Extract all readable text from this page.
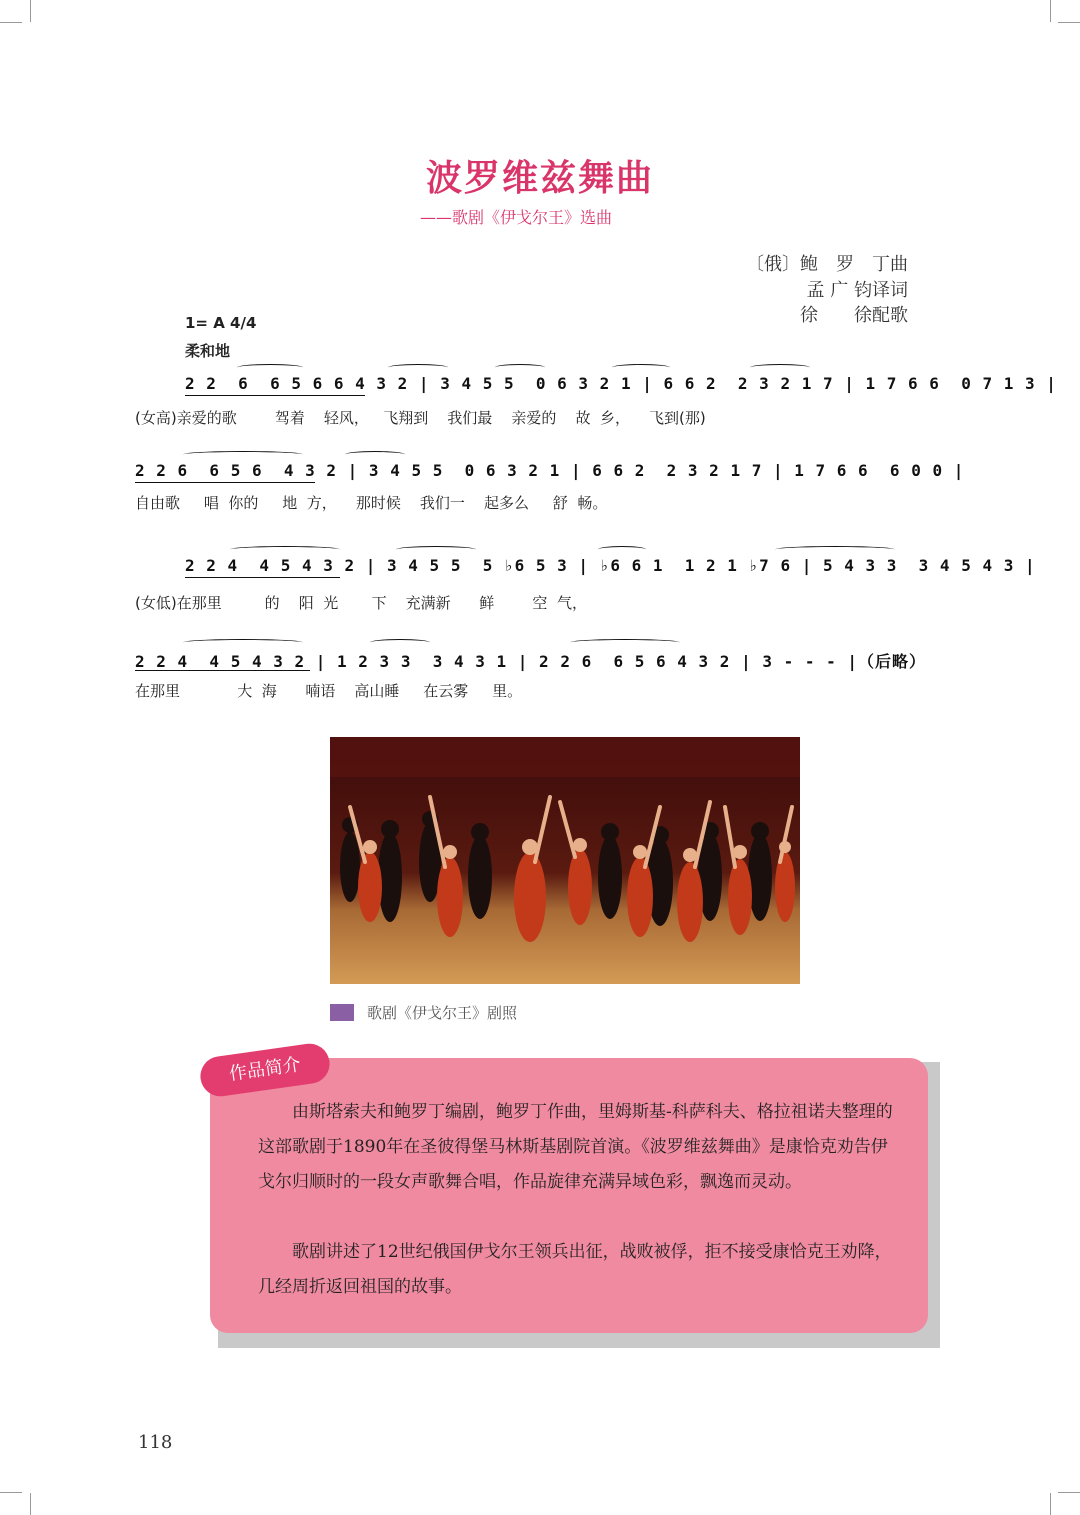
波罗维兹舞曲
——歌剧《伊戈尔王》选曲
〔俄〕鲍　罗　丁曲
孟 广 钧译词
徐　　徐配歌
1= A 4/4
柔和地
2 2  6  6 5 6 6 4 3 2 | 3 4 5 5  0 6 3 2 1 | 6 6 2  2 3 2 1 7 | 1 7 6 6  0 7 1 3 |
(女高)亲爱的歌        驾着    轻风，   飞翔到    我们最    亲爱的    故  乡，    飞到(那)
2 2 6  6 5 6  4 3 2 | 3 4 5 5  0 6 3 2 1 | 6 6 2  2 3 2 1 7 | 1 7 6 6  6 0 0 |
自由歌     唱  你的     地  方，    那时候    我们一    起多么     舒  畅。
2 2 4  4 5 4 3 2 | 3 4 5 5  5 ♭6 5 3 | ♭6 6 1  1 2 1 ♭7 6 | 5 4 3 3  3 4 5 4 3 |
(女低)在那里         的    阳  光       下    充满新      鲜        空  气，
2 2 4  4 5 4 3 2 | 1 2 3 3  3 4 3 1 | 2 2 6  6 5 6 4 3 2 | 3 - - - |（后略）
在那里            大  海      喃语    高山睡     在云雾     里。
歌剧《伊戈尔王》剧照
作品简介
由斯塔索夫和鲍罗丁编剧，鲍罗丁作曲，里姆斯基-科萨科夫、格拉祖诺夫整理的这部歌剧于1890年在圣彼得堡马林斯基剧院首演。《波罗维兹舞曲》是康恰克劝告伊戈尔归顺时的一段女声歌舞合唱，作品旋律充满异域色彩，飘逸而灵动。
歌剧讲述了12世纪俄国伊戈尔王领兵出征，战败被俘，拒不接受康恰克王劝降，几经周折返回祖国的故事。
118
